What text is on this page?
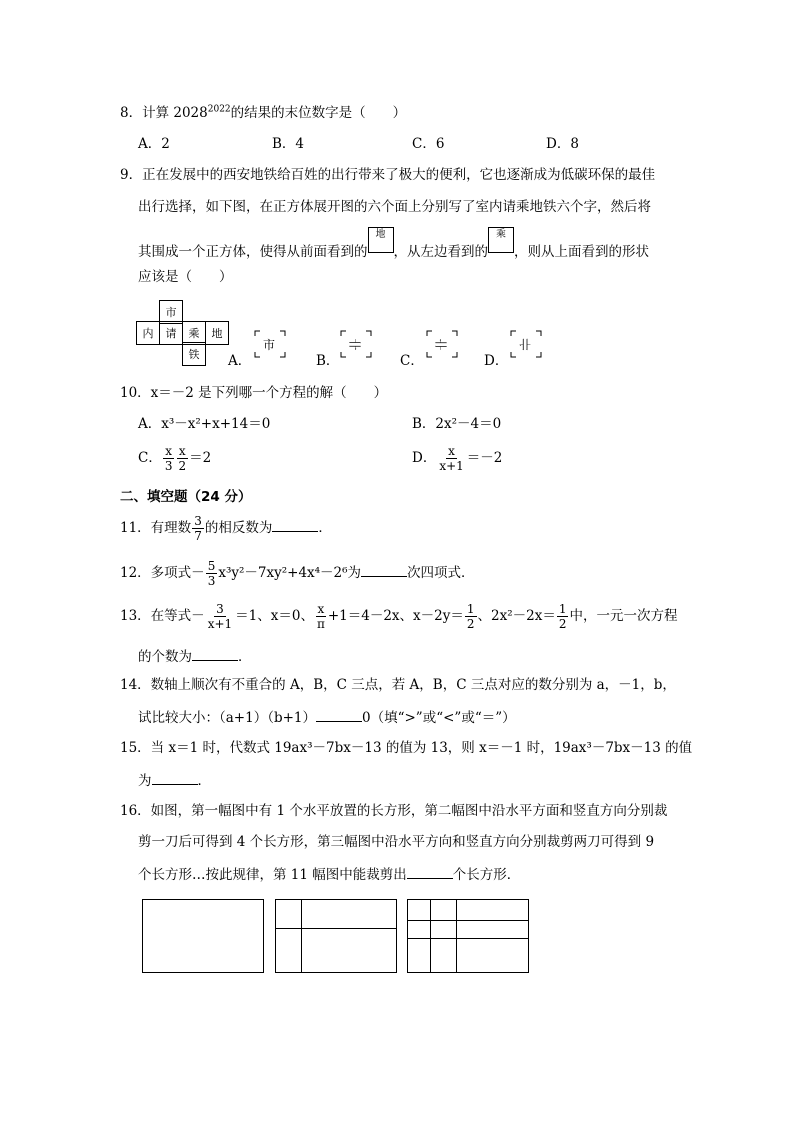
8．计算 $2028^{2022}$的结果的末位数字是（　　）
A．2	B．4	C．6	D．8
9．正在发展中的西安地铁给百姓的出行带来了极大的便利，它也逐渐成为低碳环保的最佳
出行选择，如下图，在正方体展开图的六个面上分别写了室内请乘地铁六个字，然后将
其围成一个正方体，使得从前面看到的地，从左边看到的乘，则从上面看到的形状
应该是（　　）
市
内	请	乘	地
铁	A．
市
B．
卝
C．
卝
D．
卝
10．x＝－2 是下列哪一个方程的解（　　）
A．x³－x²+x+14＝0	B．2x²－4＝0
C． $\frac{x}{3} \frac{x}{2} =2$	D． $\frac{x}{x+1} =-2$
二、填空题（24 分）
11．有理数 $\frac{3}{7}$ 的相反数为	．
12．多项式－ $\frac{5}{3} x^3y^2-7xy^2+4x^4-2^6$为	次四项式．
13．在等式－ $\frac{3}{x+1} =1$、x＝0、 $\frac{x}{\pi} +1=4-2x$、$x-2y= \frac{1}{2}$ 、$2x^2-2x= \frac{1}{2}$ 中，一元一次方程
的个数为	．
14．数轴上顺次有不重合的 A，B，C 三点，若 A，B，C 三点对应的数分别为 a，－1，b，
试比较大小：（a+1）（b+1）	0（填“>”或“<”或“＝”）
15．当 x＝1 时，代数式 19ax³－7bx－13 的值为 13，则 x＝－1 时，19ax³－7bx－13 的值
为	．
16．如图，第一幅图中有 1 个水平放置的长方形，第二幅图中沿水平方面和竖直方向分别裁
剪一刀后可得到 4 个长方形，第三幅图中沿水平方向和竖直方向分别裁剪两刀可得到 9
个长方形…按此规律，第 11 幅图中能裁剪出	个长方形．
